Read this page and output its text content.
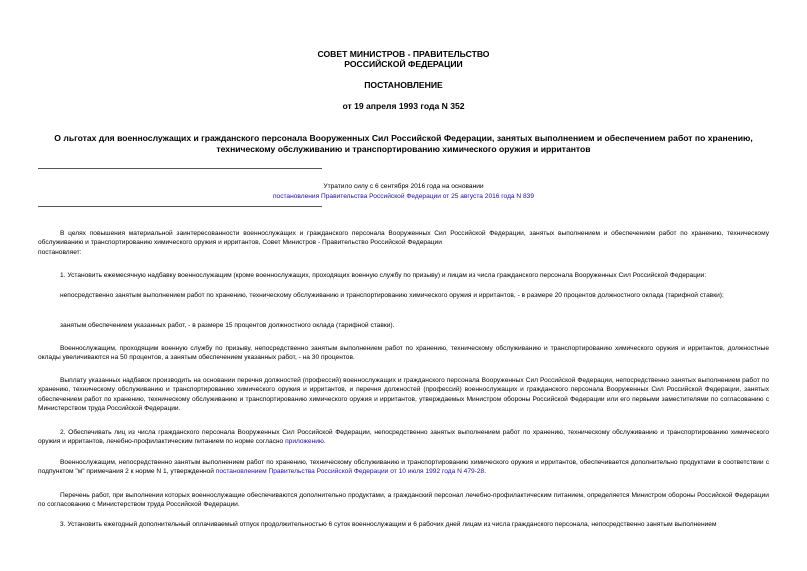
СОВЕТ МИНИСТРОВ - ПРАВИТЕЛЬСТВО
РОССИЙСКОЙ ФЕДЕРАЦИИ
ПОСТАНОВЛЕНИЕ
от 19 апреля 1993 года N 352
О льготах для военнослужащих и гражданского персонала Вооруженных Сил Российской Федерации, занятых выполнением и обеспечением работ по хранению, техническому обслуживанию и транспортированию химического оружия и ирритантов
Утратило силу с 6 сентября 2016 года на основании
постановления Правительства Российской Федерации от 25 августа 2016 года N 839

В целях повышения материальной заинтересованности военнослужащих и гражданского персонала Вооруженных Сил Российской Федерации, занятых выполнением и обеспечением работ по хранению, техническому обслуживанию и транспортированию химического оружия и ирритантов, Совет Министров - Правительство Российской Федерации

постановляет:

1. Установить ежемесячную надбавку военнослужащим (кроме военнослужащих, проходящих военную службу по призыву) и лицам из числа гражданского персонала Вооруженных Сил Российской Федерации:

непосредственно занятым выполнением работ по хранению, техническому обслуживанию и транспортированию химического оружия и ирритантов, - в размере 20 процентов должностного оклада (тарифной ставки);

занятым обеспечением указанных работ, - в размере 15 процентов должностного оклада (тарифной ставки).

Военнослужащим, проходящим военную службу по призыву, непосредственно занятым выполнением работ по хранению, техническому обслуживанию и транспортированию химического оружия и ирритантов, должностные оклады увеличиваются на 50 процентов, а занятым обеспечением указанных работ, - на 30 процентов.

Выплату указанных надбавок производить на основании перечня должностей (профессий) военнослужащих и гражданского персонала Вооруженных Сил Российской Федерации, непосредственно занятых выполнением работ по хранению, техническому обслуживанию и транспортированию химического оружия и ирритантов, и перечня должностей (профессий) военнослужащих и гражданского персонала Вооруженных Сил Российской Федерации, занятых обеспечением работ по хранению, техническому обслуживанию и транспортированию химического оружия и ирритантов, утверждаемых Министром обороны Российской Федерации или его первыми заместителями по согласованию с Министерством труда Российской Федерации.

2. Обеспечивать лиц из числа гражданского персонала Вооруженных Сил Российской Федерации, непосредственно занятых выполнением работ по хранению, техническому обслуживанию и транспортированию химического оружия и ирритантов, лечебно-профилактическим питанием по норме согласно приложению.

Военнослужащим, непосредственно занятым выполнением работ по хранению, техническому обслуживанию и транспортированию химического оружия и ирритантов, обеспечивается дополнительно продуктами в соответствии с подпунктом "м" примечания 2 к норме N 1, утвержденной постановлением Правительства Российской Федерации от 10 июля 1992 года N 479-28.

Перечень работ, при выполнении которых военнослужащие обеспечиваются дополнительно продуктами, а гражданский персонал лечебно-профилактическим питанием, определяется Министром обороны Российской Федерации по согласованию с Министерством труда Российской Федерации.

3. Установить ежегодный дополнительный оплачиваемый отпуск продолжительностью 6 суток военнослужащим и 6 рабочих дней лицам из числа гражданского персонала, непосредственно занятым выполнением
